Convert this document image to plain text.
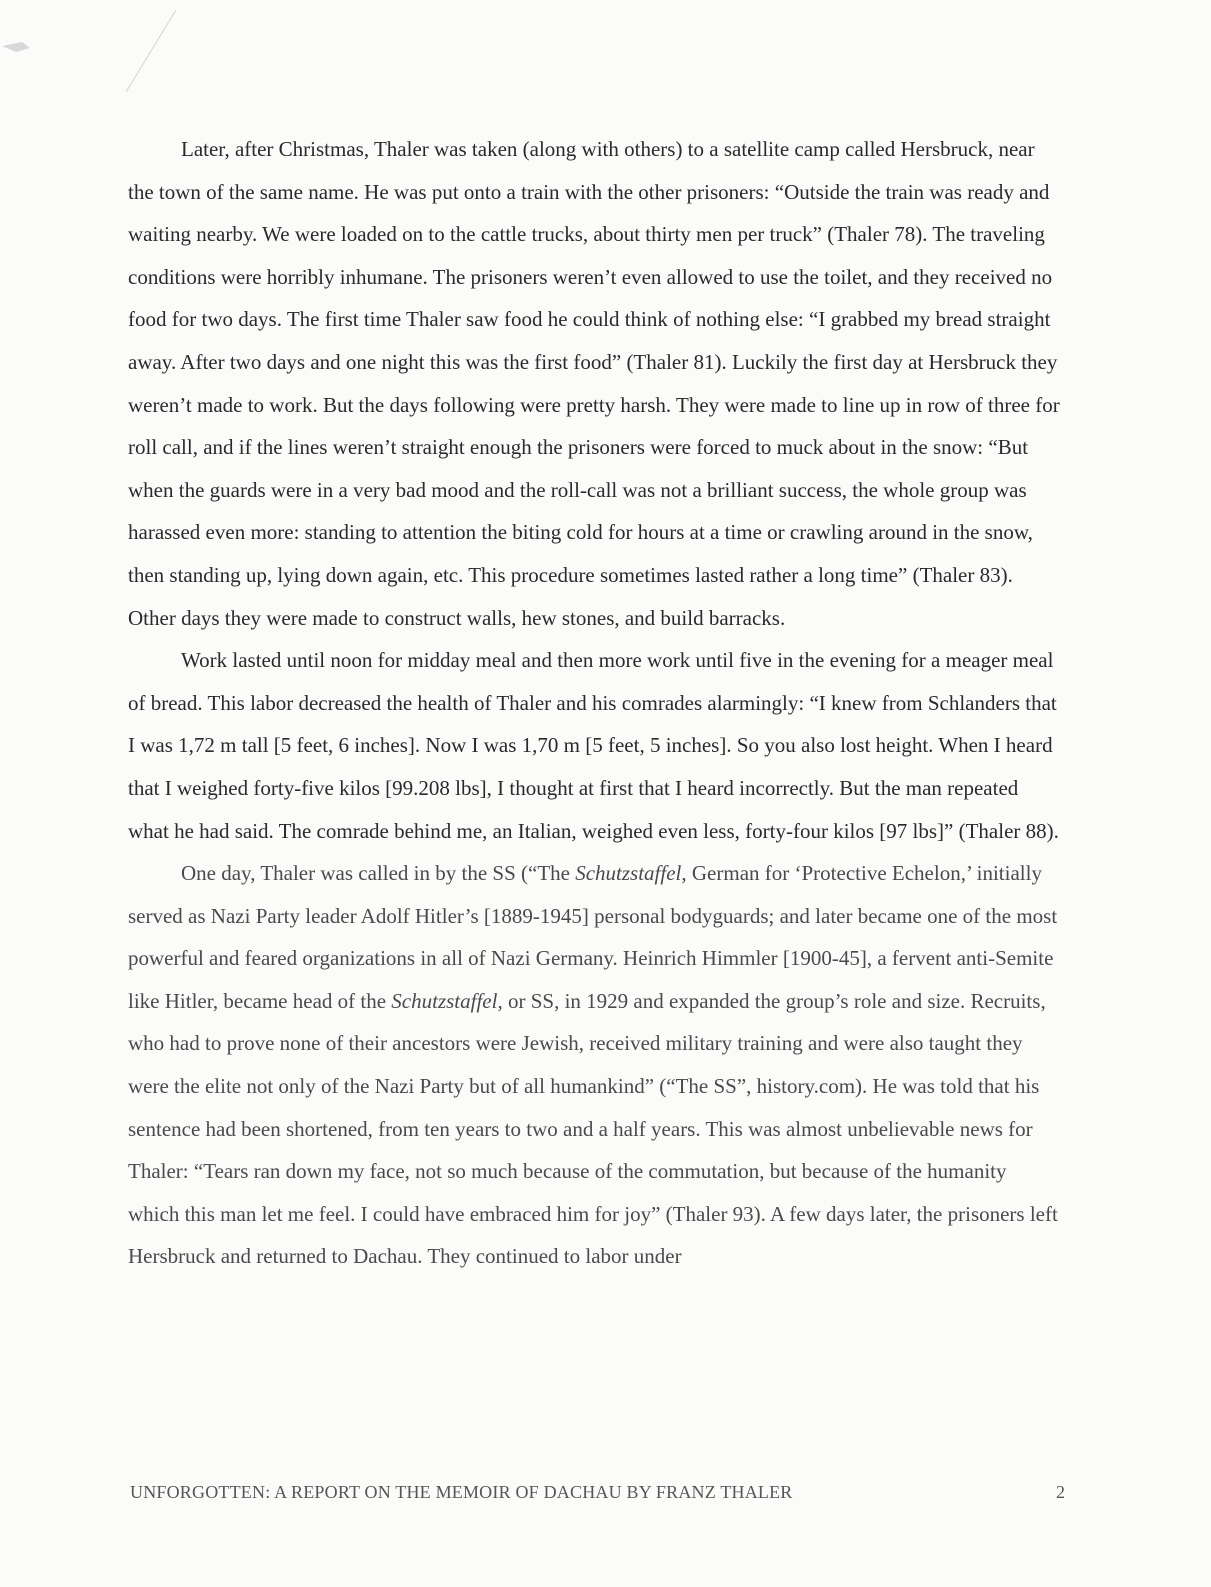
Later, after Christmas, Thaler was taken (along with others) to a satellite camp called Hersbruck, near the town of the same name. He was put onto a train with the other prisoners: “Outside the train was ready and waiting nearby. We were loaded on to the cattle trucks, about thirty men per truck” (Thaler 78). The traveling conditions were horribly inhumane. The prisoners weren’t even allowed to use the toilet, and they received no food for two days. The first time Thaler saw food he could think of nothing else: “I grabbed my bread straight away. After two days and one night this was the first food” (Thaler 81). Luckily the first day at Hersbruck they weren’t made to work. But the days following were pretty harsh. They were made to line up in row of three for roll call, and if the lines weren’t straight enough the prisoners were forced to muck about in the snow: “But when the guards were in a very bad mood and the roll-call was not a brilliant success, the whole group was harassed even more: standing to attention the biting cold for hours at a time or crawling around in the snow, then standing up, lying down again, etc. This procedure sometimes lasted rather a long time” (Thaler 83). Other days they were made to construct walls, hew stones, and build barracks.

Work lasted until noon for midday meal and then more work until five in the evening for a meager meal of bread. This labor decreased the health of Thaler and his comrades alarmingly: “I knew from Schlanders that I was 1,72 m tall [5 feet, 6 inches]. Now I was 1,70 m [5 feet, 5 inches]. So you also lost height. When I heard that I weighed forty-five kilos [99.208 lbs], I thought at first that I heard incorrectly. But the man repeated what he had said. The comrade behind me, an Italian, weighed even less, forty-four kilos [97 lbs]” (Thaler 88).

One day, Thaler was called in by the SS (“The Schutzstaffel, German for ‘Protective Echelon,’ initially served as Nazi Party leader Adolf Hitler’s [1889-1945] personal bodyguards; and later became one of the most powerful and feared organizations in all of Nazi Germany. Heinrich Himmler [1900-45], a fervent anti-Semite like Hitler, became head of the Schutzstaffel, or SS, in 1929 and expanded the group’s role and size. Recruits, who had to prove none of their ancestors were Jewish, received military training and were also taught they were the elite not only of the Nazi Party but of all humankind” (“The SS”, history.com). He was told that his sentence had been shortened, from ten years to two and a half years. This was almost unbelievable news for Thaler: “Tears ran down my face, not so much because of the commutation, but because of the humanity which this man let me feel. I could have embraced him for joy” (Thaler 93). A few days later, the prisoners left Hersbruck and returned to Dachau. They continued to labor under

UNFORGOTTEN: A REPORT ON THE MEMOIR OF DACHAU BY FRANZ THALER	2
